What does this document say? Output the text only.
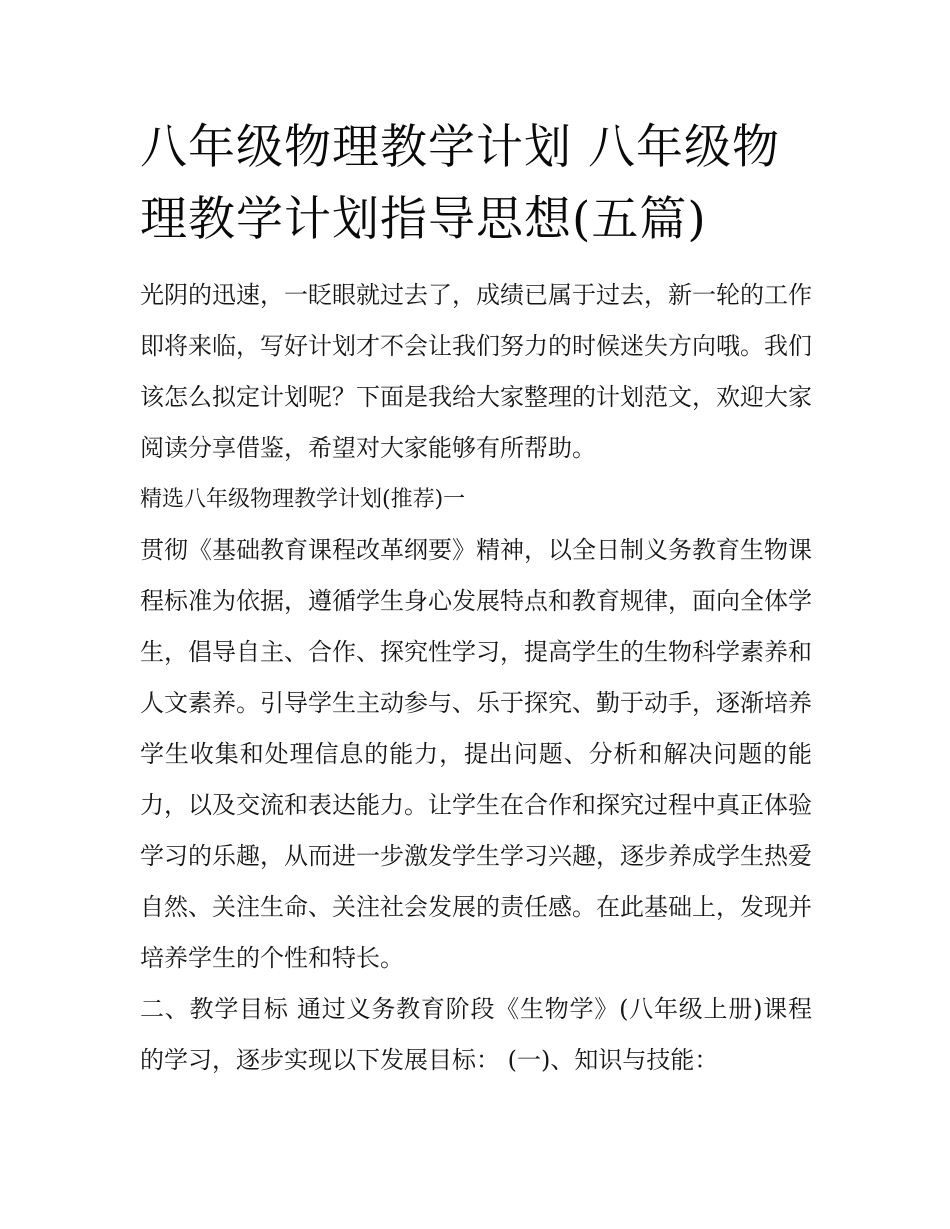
八年级物理教学计划 八年级物理教学计划指导思想(五篇)

光阴的迅速，一眨眼就过去了，成绩已属于过去，新一轮的工作即将来临，写好计划才不会让我们努力的时候迷失方向哦。我们该怎么拟定计划呢？下面是我给大家整理的计划范文，欢迎大家阅读分享借鉴，希望对大家能够有所帮助。

精选八年级物理教学计划(推荐)一

贯彻《基础教育课程改革纲要》精神，以全日制义务教育生物课程标准为依据，遵循学生身心发展特点和教育规律，面向全体学生，倡导自主、合作、探究性学习，提高学生的生物科学素养和人文素养。引导学生主动参与、乐于探究、勤于动手，逐渐培养学生收集和处理信息的能力，提出问题、分析和解决问题的能力，以及交流和表达能力。让学生在合作和探究过程中真正体验学习的乐趣，从而进一步激发学生学习兴趣，逐步养成学生热爱自然、关注生命、关注社会发展的责任感。在此基础上，发现并培养学生的个性和特长。

二、教学目标 通过义务教育阶段《生物学》(八年级上册)课程的学习，逐步实现以下发展目标： (一)、知识与技能：
